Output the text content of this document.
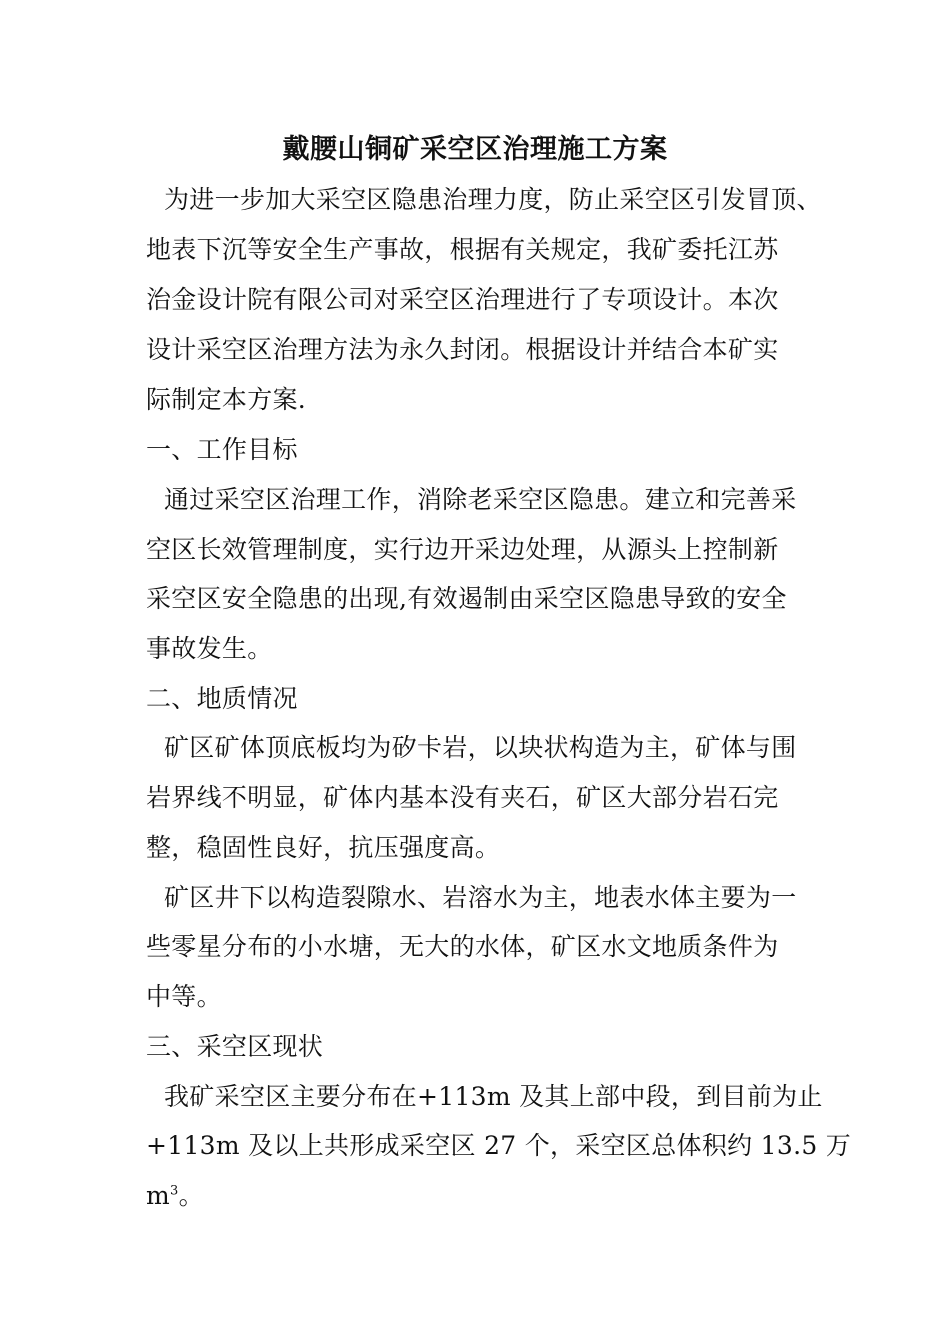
戴腰山铜矿采空区治理施工方案
为进一步加大采空区隐患治理力度，防止采空区引发冒顶、
地表下沉等安全生产事故，根据有关规定，我矿委托江苏
治金设计院有限公司对采空区治理进行了专项设计。本次
设计采空区治理方法为永久封闭。根据设计并结合本矿实
际制定本方案.
一、工作目标
通过采空区治理工作，消除老采空区隐患。建立和完善采
空区长效管理制度，实行边开采边处理，从源头上控制新
采空区安全隐患的出现,有效遏制由采空区隐患导致的安全
事故发生。
二、地质情况
矿区矿体顶底板均为矽卡岩，以块状构造为主，矿体与围
岩界线不明显，矿体内基本没有夹石，矿区大部分岩石完
整，稳固性良好，抗压强度高。
矿区井下以构造裂隙水、岩溶水为主，地表水体主要为一
些零星分布的小水塘，无大的水体，矿区水文地质条件为
中等。
三、采空区现状
我矿采空区主要分布在+113m 及其上部中段，到目前为止
+113m 及以上共形成采空区 27 个，采空区总体积约 13.5 万
$m^3$。
